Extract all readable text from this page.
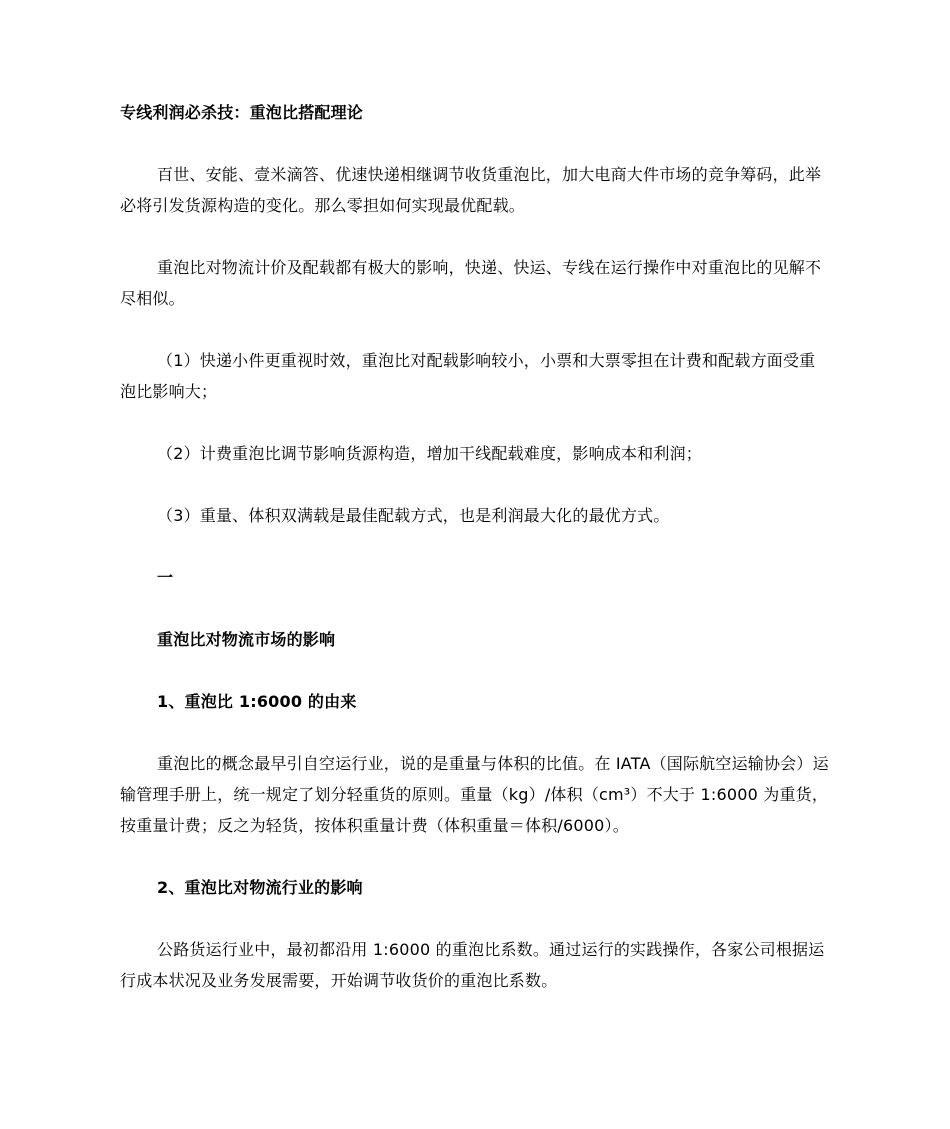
专线利润必杀技：重泡比搭配理论
百世、安能、壹米滴答、优速快递相继调节收货重泡比，加大电商大件市场的竞争筹码，此举必将引发货源构造的变化。那么零担如何实现最优配载。
重泡比对物流计价及配载都有极大的影响，快递、快运、专线在运行操作中对重泡比的见解不尽相似。
（1）快递小件更重视时效，重泡比对配载影响较小，小票和大票零担在计费和配载方面受重泡比影响大；
（2）计费重泡比调节影响货源构造，增加干线配载难度，影响成本和利润；
（3）重量、体积双满载是最佳配载方式，也是利润最大化的最优方式。
一
重泡比对物流市场的影响
1、重泡比 1:6000 的由来
重泡比的概念最早引自空运行业，说的是重量与体积的比值。在 IATA（国际航空运输协会）运输管理手册上，统一规定了划分轻重货的原则。重量（kg）/体积（cm³）不大于 1:6000 为重货，按重量计费；反之为轻货，按体积重量计费（体积重量＝体积/6000）。
2、重泡比对物流行业的影响
公路货运行业中，最初都沿用 1:6000 的重泡比系数。通过运行的实践操作，各家公司根据运行成本状况及业务发展需要，开始调节收货价的重泡比系数。
